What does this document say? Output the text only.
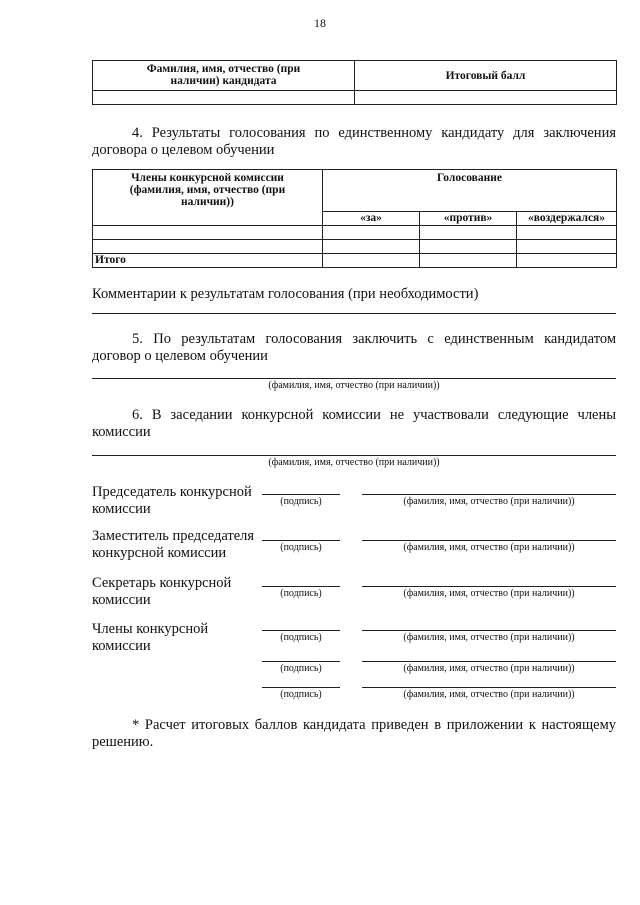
18
Фамилия, имя, отчество (при наличии) кандидата	Итоговый балл

4. Результаты голосования по единственному кандидату для заключения договора о целевом обучении
Члены конкурсной комиссии (фамилия, имя, отчество (при наличии))	Голосование		
	«за»	«против»	«воздержался»

Итого			
Комментарии к результатам голосования (при необходимости)
5. По результатам голосования заключить с единственным кандидатом договор о целевом обучении
(фамилия, имя, отчество (при наличии))
6. В заседании конкурсной комиссии не участвовали следующие члены комиссии
(фамилия, имя, отчество (при наличии))
Председатель конкурсной комиссии	(подпись)	(фамилия, имя, отчество (при наличии))
Заместитель председателя конкурсной комиссии	(подпись)	(фамилия, имя, отчество (при наличии))
Секретарь конкурсной комиссии	(подпись)	(фамилия, имя, отчество (при наличии))
Члены конкурсной комиссии
(подпись)	(фамилия, имя, отчество (при наличии))
(подпись)	(фамилия, имя, отчество (при наличии))
(подпись)	(фамилия, имя, отчество (при наличии))
* Расчет итоговых баллов кандидата приведен в приложении к настоящему решению.
